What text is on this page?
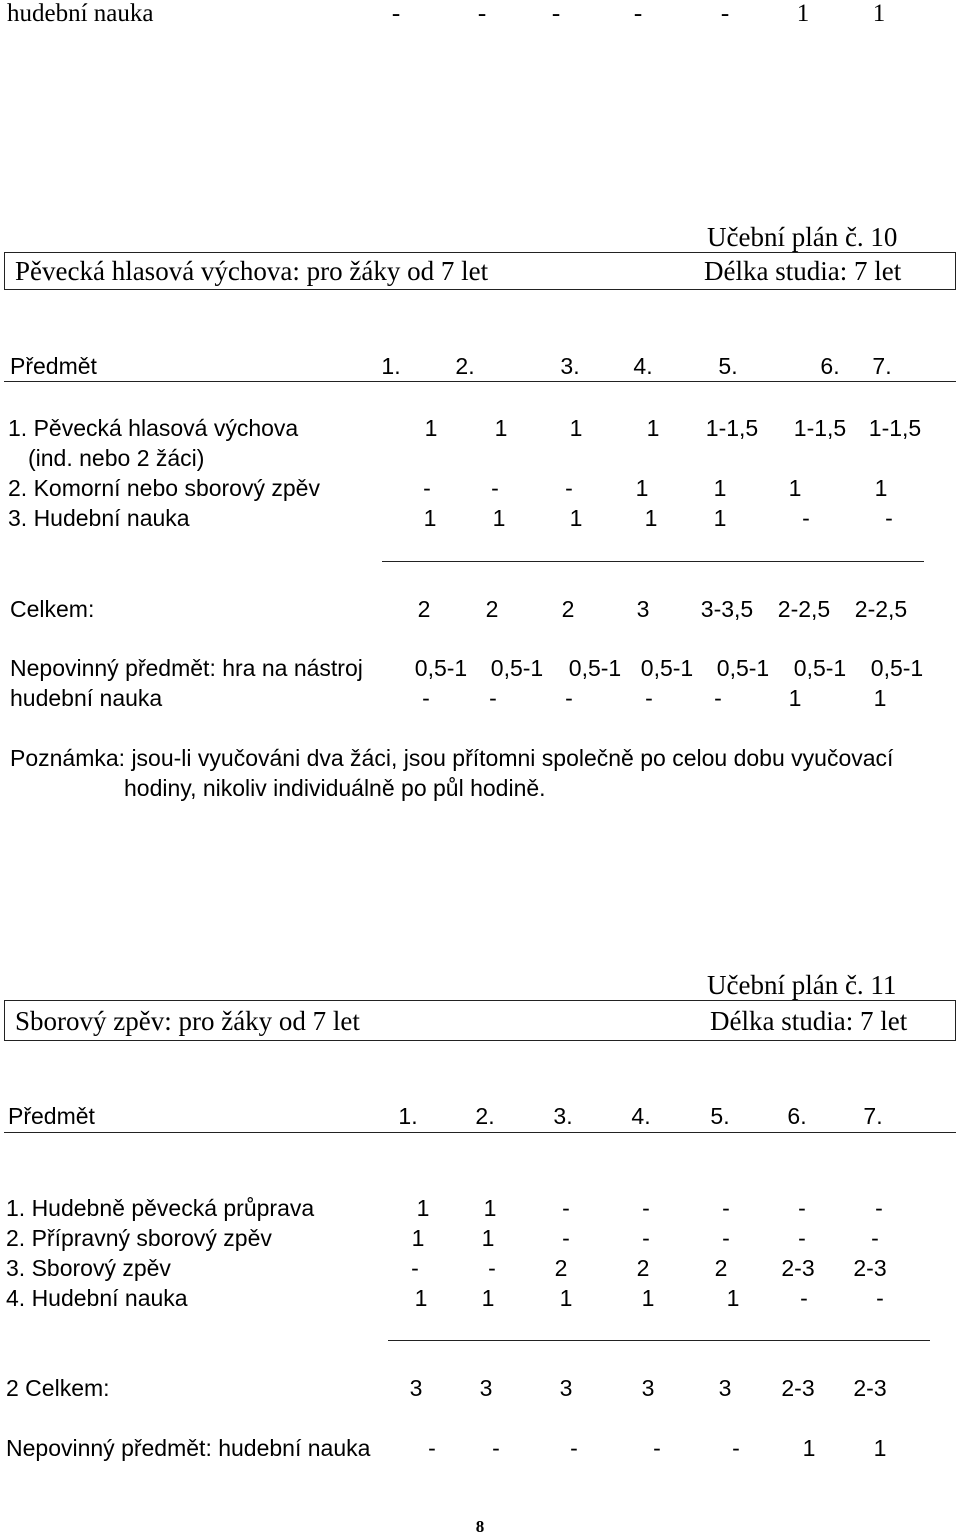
hudební nauka	-	-	-	-	-	1	1
Učební plán č. 10
Pěvecká hlasová výchova: pro žáky od 7 let	Délka studia: 7 let
Předmět	1.	2.	3.	4.	5.	6.	7.
1. Pěvecká hlasová výchova	1	1	1	1	1-1,5	1-1,5 1-1,5
(ind. nebo 2 žáci)
2. Komorní nebo sborový zpěv	-	-	-	1	1	1	1
3. Hudební nauka	1	1	1	1	1	-	-
Celkem:	2	2	2	3	3-3,5	2-2,5	2-2,5
Nepovinný předmět: hra na nástroj	0,5-1	0,5-1	0,5-1 0,5-1	0,5-1	0,5-1	0,5-1
hudební nauka	-	-	-	-	-	1	1
Poznámka: jsou-li vyučováni dva žáci, jsou přítomni společně po celou dobu vyučovací
hodiny, nikoliv individuálně po půl hodině.
Učební plán č. 11
Sborový zpěv: pro žáky od 7 let	Délka studia: 7 let
Předmět	1.	2.	3.	4.	5.	6.	7.
1. Hudebně pěvecká průprava	1	1	-	-	-	-	-
2. Přípravný sborový zpěv	1	1	-	-	-	-	-
3. Sborový zpěv	-	-	2	2	2	2-3	2-3
4. Hudební nauka	1	1	1	1	1	-	-
2 Celkem:	3	3	3	3	3	2-3	2-3
Nepovinný předmět: hudební nauka	-	-	-	-	-	1	1
8
